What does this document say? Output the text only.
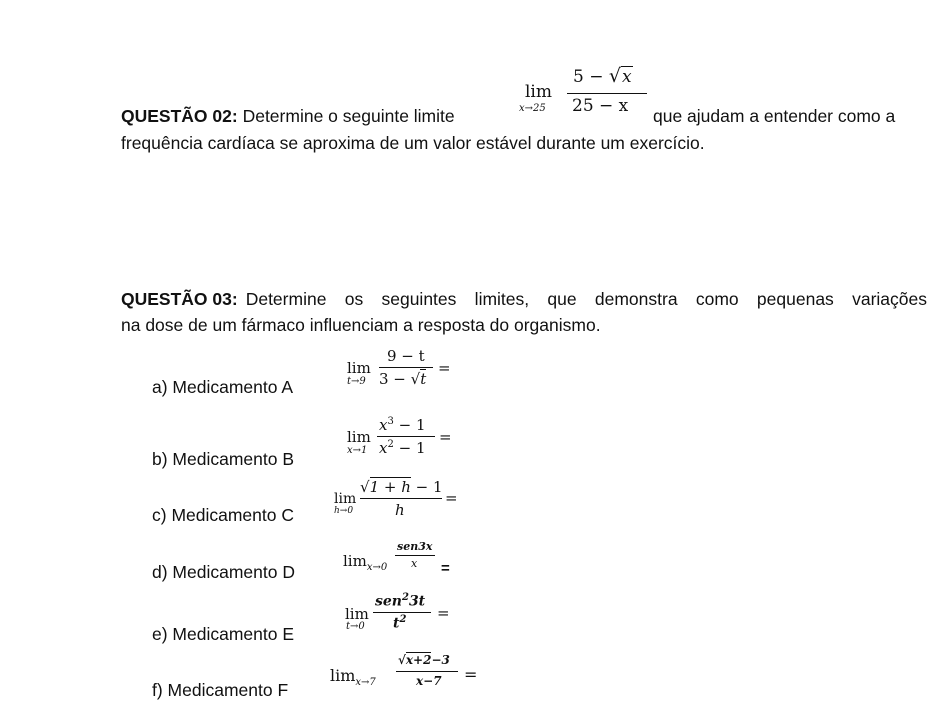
QUESTÃO 02: Determine o seguinte limite
lim
x→25
5 − √x
25 − x que ajudam a entender como a
frequência cardíaca se aproxima de um valor estável durante um exercício.
QUESTÃO 03: Determine os seguintes limites, que demonstra como pequenas variações
na dose de um fármaco influenciam a resposta do organismo.
a) Medicamento A
lim
t→9
9 − t
3 − √t
=
b) Medicamento B
lim
x→1
$x^3 - 1$
$x^2 - 1$
=
c) Medicamento C
lim
h→0
√1 + h − 1
h
=
d) Medicamento D
$\lim_{x\to 0}$
sen3x
x =
e) Medicamento E
lim
t→0
sen$^2$3t
$t^2$ =
f) Medicamento F
$\lim_{x\to 7}$
√x+2−3
x−7 =
